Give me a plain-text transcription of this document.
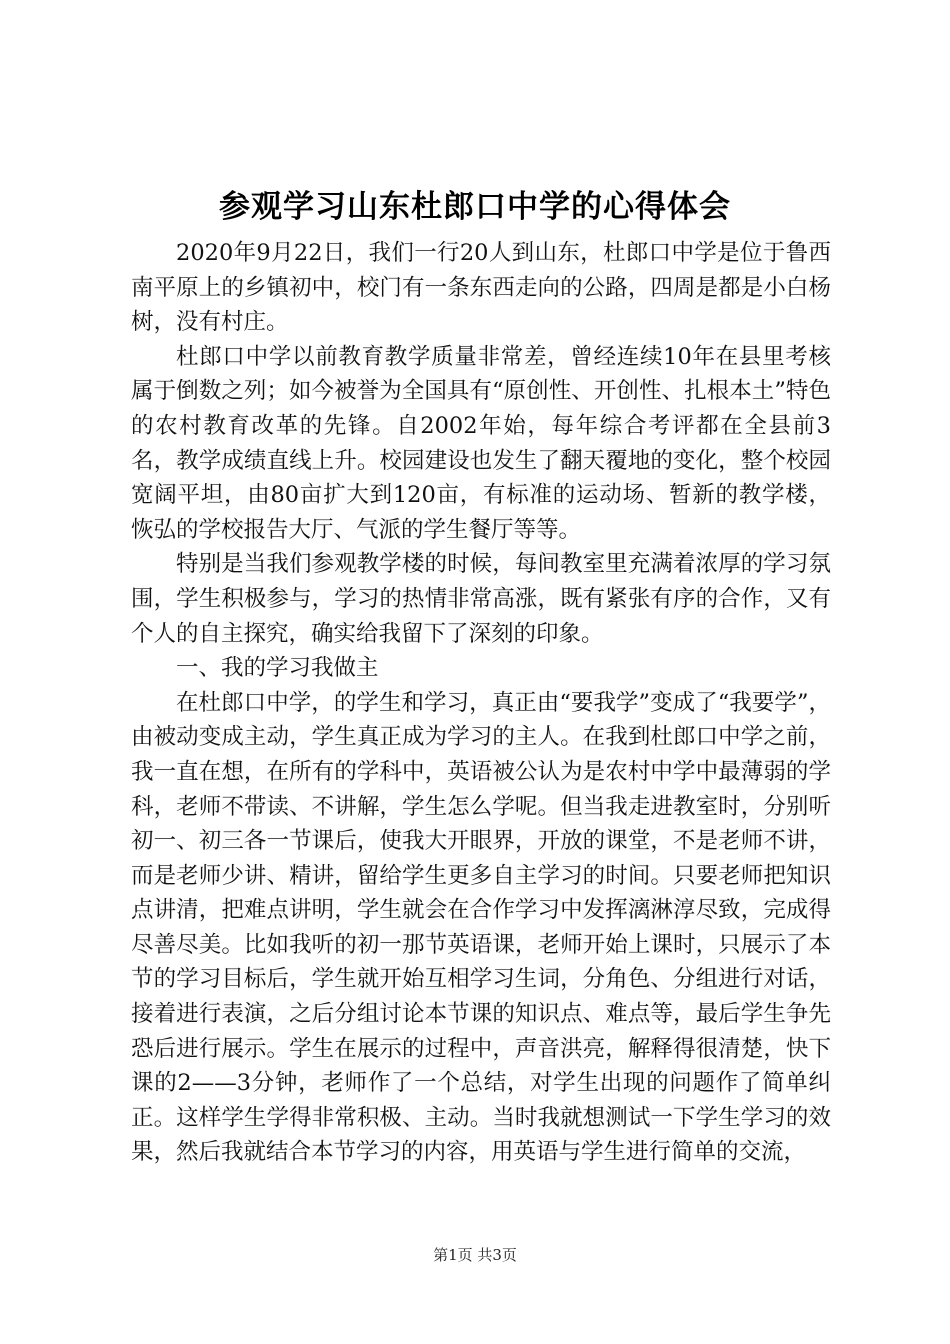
参观学习山东杜郎口中学的心得体会

2020年9月22日，我们一行20人到山东，杜郎口中学是位于鲁西南平原上的乡镇初中，校门有一条东西走向的公路，四周是都是小白杨树，没有村庄。

杜郎口中学以前教育教学质量非常差，曾经连续10年在县里考核属于倒数之列；如今被誉为全国具有“原创性、开创性、扎根本土”特色的农村教育改革的先锋。自2002年始，每年综合考评都在全县前3名，教学成绩直线上升。校园建设也发生了翻天覆地的变化，整个校园宽阔平坦，由80亩扩大到120亩，有标准的运动场、暂新的教学楼，恢弘的学校报告大厅、气派的学生餐厅等等。

特别是当我们参观教学楼的时候，每间教室里充满着浓厚的学习氛围，学生积极参与，学习的热情非常高涨，既有紧张有序的合作，又有个人的自主探究，确实给我留下了深刻的印象。

一、我的学习我做主

在杜郎口中学，的学生和学习，真正由“要我学”变成了“我要学”，由被动变成主动，学生真正成为学习的主人。在我到杜郎口中学之前，我一直在想，在所有的学科中，英语被公认为是农村中学中最薄弱的学科，老师不带读、不讲解，学生怎么学呢。但当我走进教室时，分别听初一、初三各一节课后，使我大开眼界，开放的课堂，不是老师不讲，而是老师少讲、精讲，留给学生更多自主学习的时间。只要老师把知识点讲清，把难点讲明，学生就会在合作学习中发挥漓淋淳尽致，完成得尽善尽美。比如我听的初一那节英语课，老师开始上课时，只展示了本节的学习目标后，学生就开始互相学习生词，分角色、分组进行对话，接着进行表演，之后分组讨论本节课的知识点、难点等，最后学生争先恐后进行展示。学生在展示的过程中，声音洪亮，解释得很清楚，快下课的2——3分钟，老师作了一个总结，对学生出现的问题作了简单纠正。这样学生学得非常积极、主动。当时我就想测试一下学生学习的效果，然后我就结合本节学习的内容，用英语与学生进行简单的交流，

第1页 共3页
